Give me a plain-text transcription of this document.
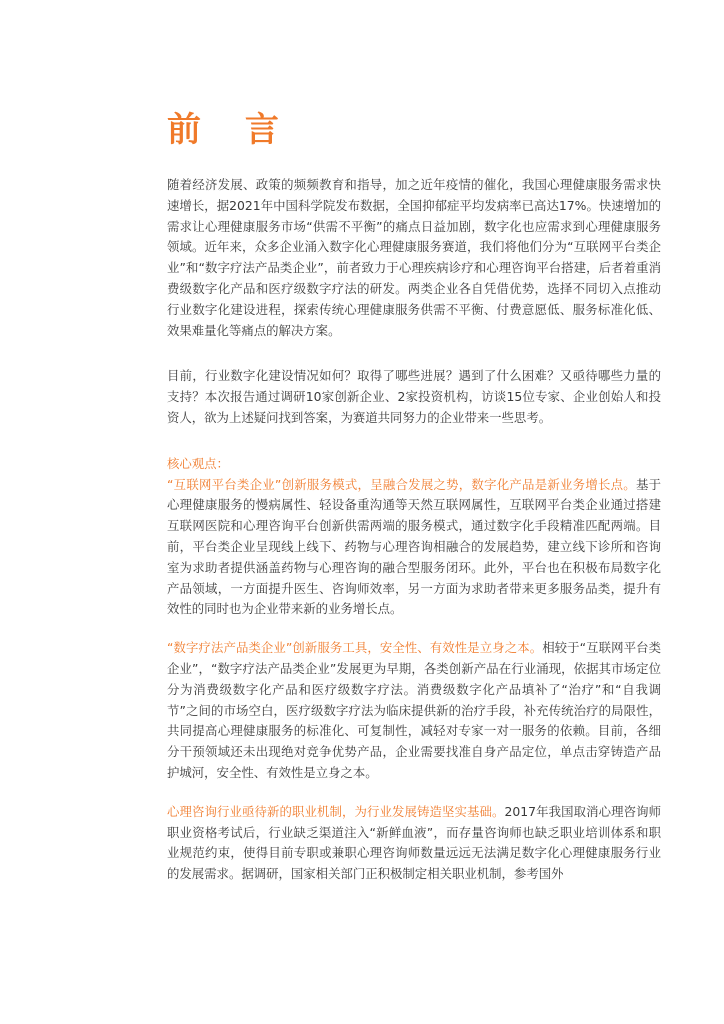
前 言

随着经济发展、政策的频频教育和指导，加之近年疫情的催化，我国心理健康服务需求快速增长，据2021年中国科学院发布数据，全国抑郁症平均发病率已高达17%。快速增加的需求让心理健康服务市场“供需不平衡”的痛点日益加剧，数字化也应需求到心理健康服务领域。近年来，众多企业涌入数字化心理健康服务赛道，我们将他们分为“互联网平台类企业”和“数字疗法产品类企业”，前者致力于心理疾病诊疗和心理咨询平台搭建，后者着重消费级数字化产品和医疗级数字疗法的研发。两类企业各自凭借优势，选择不同切入点推动行业数字化建设进程，探索传统心理健康服务供需不平衡、付费意愿低、服务标准化低、效果难量化等痛点的解决方案。

目前，行业数字化建设情况如何？取得了哪些进展？遇到了什么困难？又亟待哪些力量的支持？本次报告通过调研10家创新企业、2家投资机构，访谈15位专家、企业创始人和投资人，欲为上述疑问找到答案，为赛道共同努力的企业带来一些思考。

核心观点：

“互联网平台类企业”创新服务模式，呈融合发展之势，数字化产品是新业务增长点。基于心理健康服务的慢病属性、轻设备重沟通等天然互联网属性，互联网平台类企业通过搭建互联网医院和心理咨询平台创新供需两端的服务模式，通过数字化手段精准匹配两端。目前，平台类企业呈现线上线下、药物与心理咨询相融合的发展趋势，建立线下诊所和咨询室为求助者提供涵盖药物与心理咨询的融合型服务闭环。此外，平台也在积极布局数字化产品领域，一方面提升医生、咨询师效率，另一方面为求助者带来更多服务品类，提升有效性的同时也为企业带来新的业务增长点。

“数字疗法产品类企业”创新服务工具，安全性、有效性是立身之本。相较于“互联网平台类企业”，“数字疗法产品类企业”发展更为早期，各类创新产品在行业涌现，依据其市场定位分为消费级数字化产品和医疗级数字疗法。消费级数字化产品填补了“治疗”和“自我调节”之间的市场空白，医疗级数字疗法为临床提供新的治疗手段，补充传统治疗的局限性，共同提高心理健康服务的标准化、可复制性，减轻对专家一对一服务的依赖。目前，各细分干预领域还未出现绝对竞争优势产品，企业需要找准自身产品定位，单点击穿铸造产品护城河，安全性、有效性是立身之本。

心理咨询行业亟待新的职业机制，为行业发展铸造坚实基础。2017年我国取消心理咨询师职业资格考试后，行业缺乏渠道注入“新鲜血液”，而存量咨询师也缺乏职业培训体系和职业规范约束，使得目前专职或兼职心理咨询师数量远远无法满足数字化心理健康服务行业的发展需求。据调研，国家相关部门正积极制定相关职业机制，参考国外
